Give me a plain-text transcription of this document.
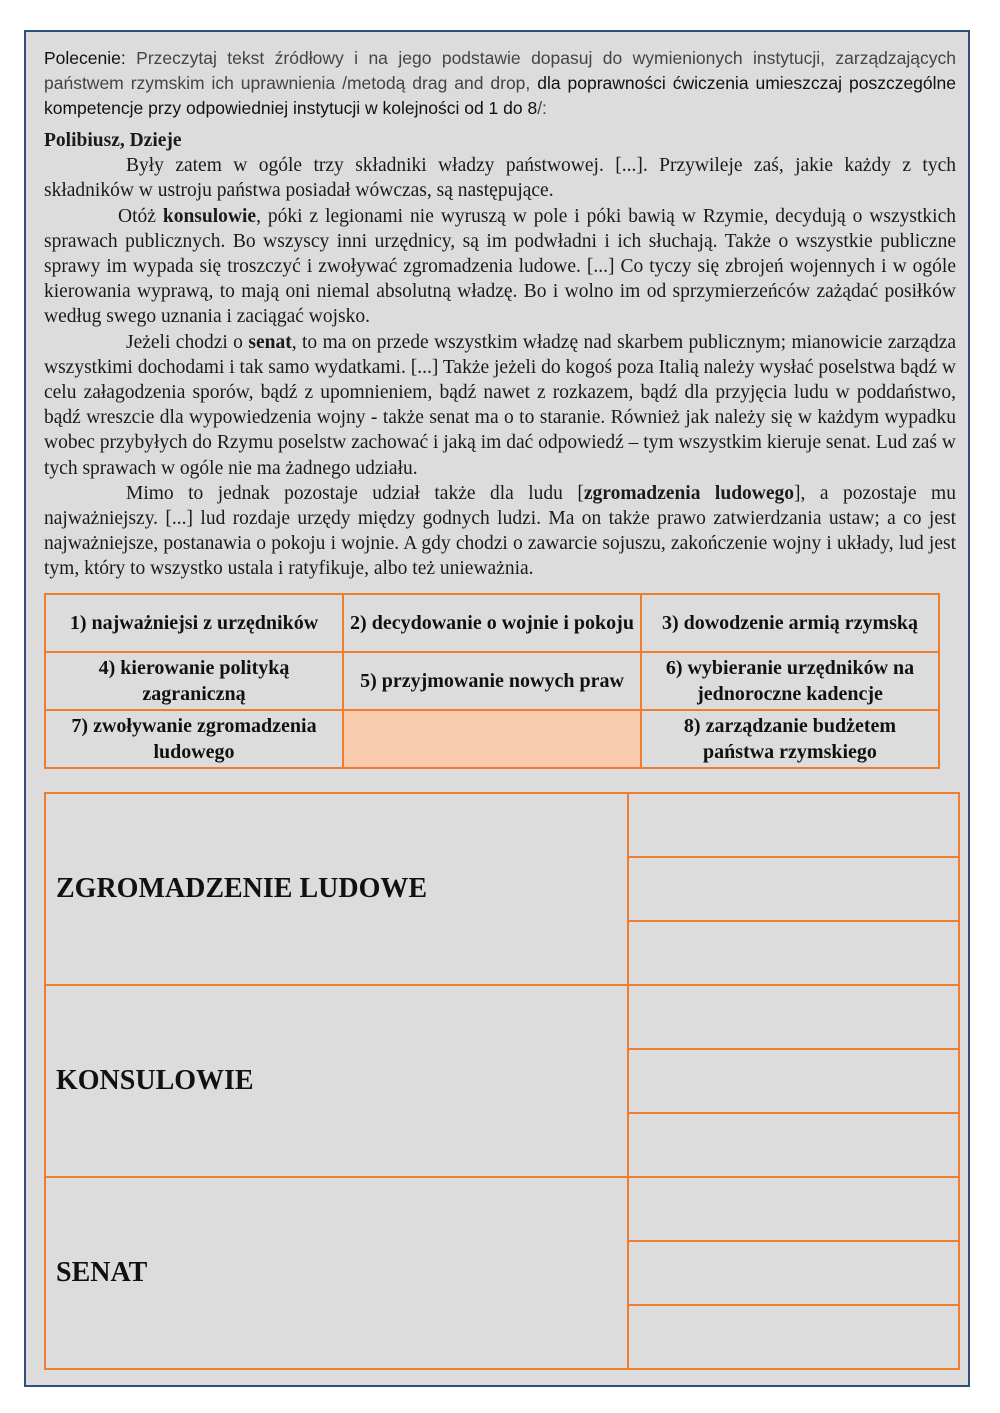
Polecenie: Przeczytaj tekst źródłowy i na jego podstawie dopasuj do wymienionych instytucji, zarządzających państwem rzymskim ich uprawnienia /metodą drag and drop, dla poprawności ćwiczenia umieszczaj poszczególne kompetencje przy odpowiedniej instytucji w kolejności od 1 do 8/:

Polibiusz, Dzieje

Były zatem w ogóle trzy składniki władzy państwowej. [...]. Przywileje zaś, jakie każdy z tych składników w ustroju państwa posiadał wówczas, są następujące.

Otóż konsulowie, póki z legionami nie wyruszą w pole i póki bawią w Rzymie, decydują o wszystkich sprawach publicznych. Bo wszyscy inni urzędnicy, są im podwładni i ich słuchają. Także o wszystkie publiczne sprawy im wypada się troszczyć i zwoływać zgromadzenia ludowe. [...] Co tyczy się zbrojeń wojennych i w ogóle kierowania wyprawą, to mają oni niemal absolutną władzę. Bo i wolno im od sprzymierzeńców zażądać posiłków według swego uznania i zaciągać wojsko.

Jeżeli chodzi o senat, to ma on przede wszystkim władzę nad skarbem publicznym; mianowicie zarządza wszystkimi dochodami i tak samo wydatkami. [...] Także jeżeli do kogoś poza Italią należy wysłać poselstwa bądź w celu załagodzenia sporów, bądź z upomnieniem, bądź nawet z rozkazem, bądź dla przyjęcia ludu w poddaństwo, bądź wreszcie dla wypowiedzenia wojny - także senat ma o to staranie. Również jak należy się w każdym wypadku wobec przybyłych do Rzymu poselstw zachować i jaką im dać odpowiedź – tym wszystkim kieruje senat. Lud zaś w tych sprawach w ogóle nie ma żadnego udziału.

Mimo to jednak pozostaje udział także dla ludu [zgromadzenia ludowego], a pozostaje mu najważniejszy. [...] lud rozdaje urzędy między godnych ludzi. Ma on także prawo zatwierdzania ustaw; a co jest najważniejsze, postanawia o pokoju i wojnie. A gdy chodzi o zawarcie sojuszu, zakończenie wojny i układy, lud jest tym, który to wszystko ustala i ratyfikuje, albo też unieważnia.

1) najważniejsi z urzędników	2) decydowanie o wojnie i pokoju	3) dowodzenie armią rzymską
4) kierowanie polityką zagraniczną	5) przyjmowanie nowych praw	6) wybieranie urzędników na jednoroczne kadencje
7) zwoływanie zgromadzenia ludowego		8) zarządzanie budżetem państwa rzymskiego
ZGROMADZENIE LUDOWE	

KONSULOWIE	

SENAT	
